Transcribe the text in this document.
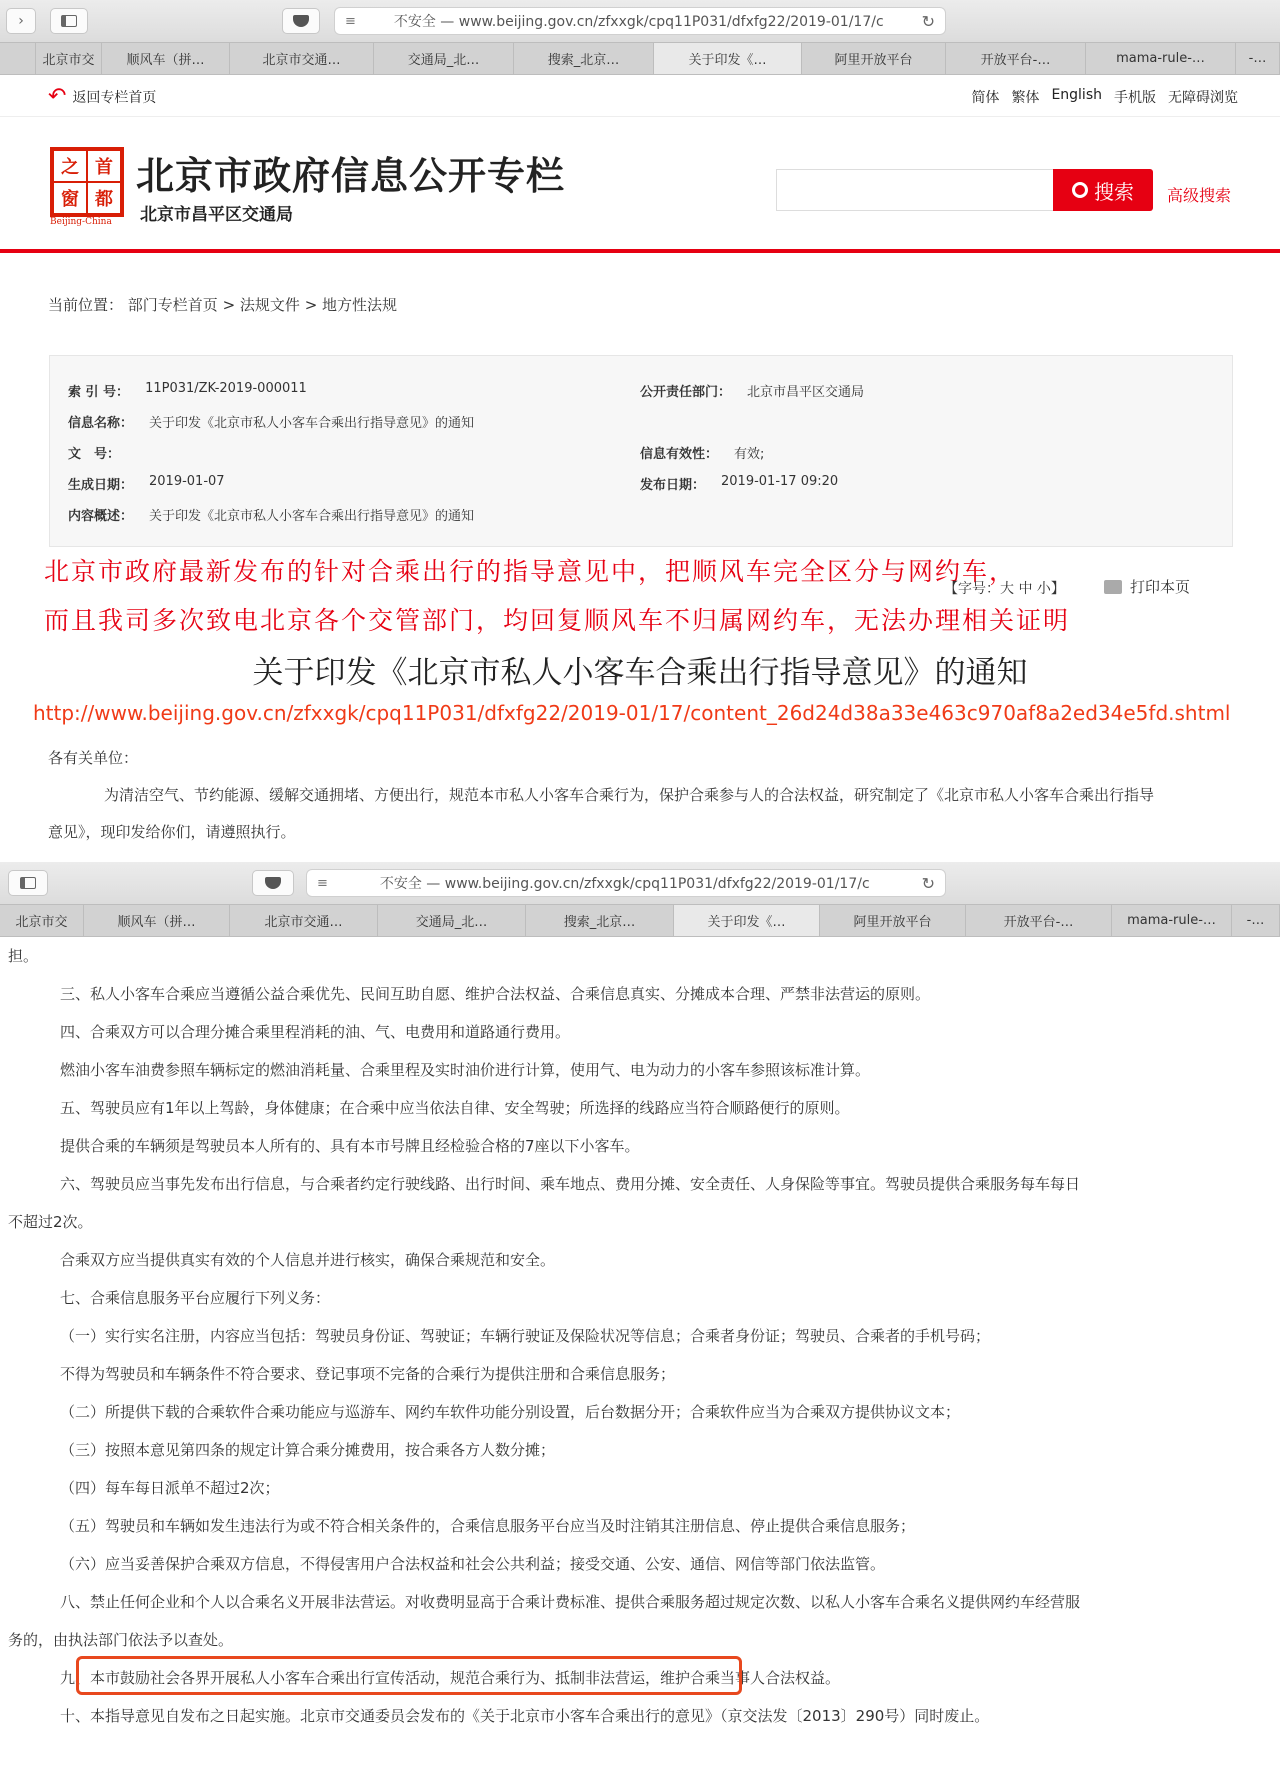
›	≡	不安全 — www.beijing.gov.cn/zfxxgk/cpq11P031/dfxfg22/2019-01/17/c	↻
北京市交	顺风车（拼…	北京市交通…	交通局_北…	搜索_北京…	关于印发《…	阿里开放平台	开放平台-…	mama-rule-…	-…
↶ 返回专栏首页	简体 繁体 English 手机版 无障碍浏览
之 首
窗 都
Beijing-China
北京市政府信息公开专栏
北京市昌平区交通局
搜索 高级搜索
当前位置： 部门专栏首页 > 法规文件 > 地方性法规
索 引 号： 11P031/ZK-2019-000011	公开责任部门： 北京市昌平区交通局
信息名称： 关于印发《北京市私人小客车合乘出行指导意见》的通知
文　号：	信息有效性： 有效;
生成日期： 2019-01-07	发布日期： 2019-01-17 09:20
内容概述： 关于印发《北京市私人小客车合乘出行指导意见》的通知
北京市政府最新发布的针对合乘出行的指导意见中，把顺风车完全区分与网约车，
【字号：大 中 小】	打印本页
而且我司多次致电北京各个交管部门，均回复顺风车不归属网约车，无法办理相关证明
关于印发《北京市私人小客车合乘出行指导意见》的通知
http://www.beijing.gov.cn/zfxxgk/cpq11P031/dfxfg22/2019-01/17/content_26d24d38a33e463c970af8a2ed34e5fd.shtml
各有关单位：
为清洁空气、节约能源、缓解交通拥堵、方便出行，规范本市私人小客车合乘行为，保护合乘参与人的合法权益，研究制定了《北京市私人小客车合乘出行指导
意见》，现印发给你们，请遵照执行。
≡	不安全 — www.beijing.gov.cn/zfxxgk/cpq11P031/dfxfg22/2019-01/17/c	↻
北京市交	顺风车（拼…	北京市交通…	交通局_北…	搜索_北京…	关于印发《…	阿里开放平台	开放平台-…	mama-rule-…	-…
担。
三、私人小客车合乘应当遵循公益合乘优先、民间互助自愿、维护合法权益、合乘信息真实、分摊成本合理、严禁非法营运的原则。
四、合乘双方可以合理分摊合乘里程消耗的油、气、电费用和道路通行费用。
燃油小客车油费参照车辆标定的燃油消耗量、合乘里程及实时油价进行计算，使用气、电为动力的小客车参照该标准计算。
五、驾驶员应有1年以上驾龄，身体健康；在合乘中应当依法自律、安全驾驶；所选择的线路应当符合顺路便行的原则。
提供合乘的车辆须是驾驶员本人所有的、具有本市号牌且经检验合格的7座以下小客车。
六、驾驶员应当事先发布出行信息，与合乘者约定行驶线路、出行时间、乘车地点、费用分摊、安全责任、人身保险等事宜。驾驶员提供合乘服务每车每日
不超过2次。
合乘双方应当提供真实有效的个人信息并进行核实，确保合乘规范和安全。
七、合乘信息服务平台应履行下列义务：
（一）实行实名注册，内容应当包括：驾驶员身份证、驾驶证；车辆行驶证及保险状况等信息；合乘者身份证；驾驶员、合乘者的手机号码；
不得为驾驶员和车辆条件不符合要求、登记事项不完备的合乘行为提供注册和合乘信息服务；
（二）所提供下载的合乘软件合乘功能应与巡游车、网约车软件功能分别设置，后台数据分开；合乘软件应当为合乘双方提供协议文本；
（三）按照本意见第四条的规定计算合乘分摊费用，按合乘各方人数分摊；
（四）每车每日派单不超过2次；
（五）驾驶员和车辆如发生违法行为或不符合相关条件的，合乘信息服务平台应当及时注销其注册信息、停止提供合乘信息服务；
（六）应当妥善保护合乘双方信息，不得侵害用户合法权益和社会公共利益；接受交通、公安、通信、网信等部门依法监管。
八、禁止任何企业和个人以合乘名义开展非法营运。对收费明显高于合乘计费标准、提供合乘服务超过规定次数、以私人小客车合乘名义提供网约车经营服
务的，由执法部门依法予以查处。
九、本市鼓励社会各界开展私人小客车合乘出行宣传活动，规范合乘行为、抵制非法营运，维护合乘当事人合法权益。
十、本指导意见自发布之日起实施。北京市交通委员会发布的《关于北京市小客车合乘出行的意见》（京交法发〔2013〕290号）同时废止。
